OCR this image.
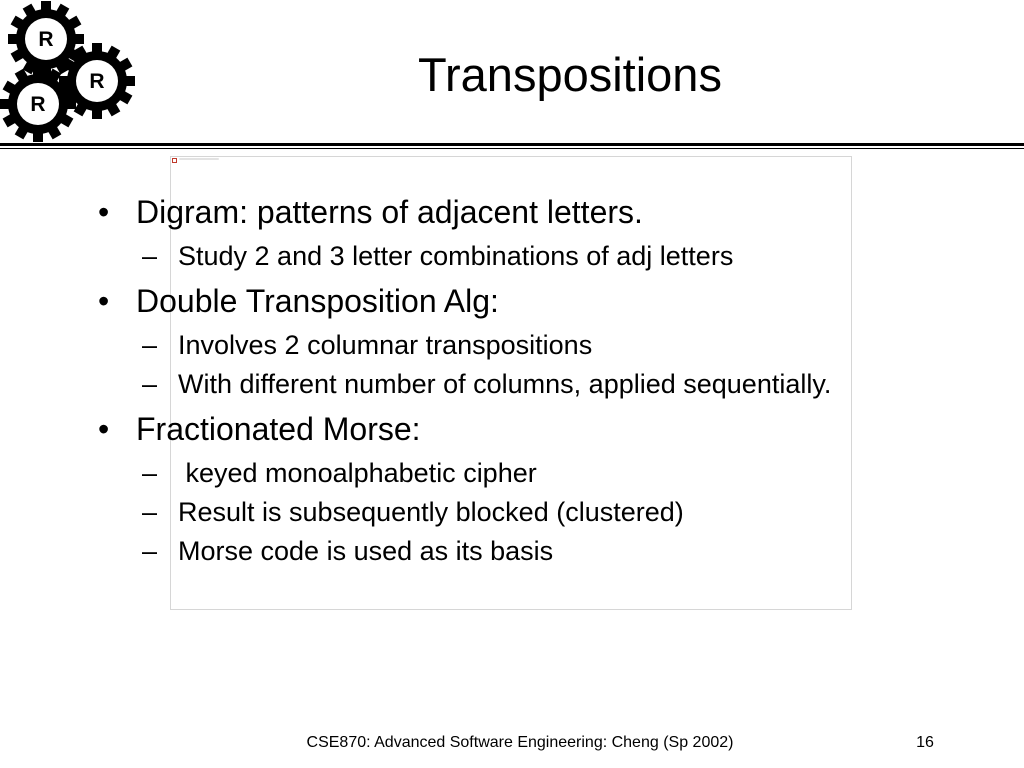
R
R
R
Transpositions
• Digram: patterns of adjacent letters.
– Study 2 and 3 letter combinations of adj letters
• Double Transposition Alg:
– Involves 2 columnar transpositions
– With different number of columns, applied sequentially.
• Fractionated Morse:
– keyed monoalphabetic cipher
– Result is subsequently blocked (clustered)
– Morse code is used as its basis
CSE870: Advanced Software Engineering: Cheng (Sp 2002)	16
